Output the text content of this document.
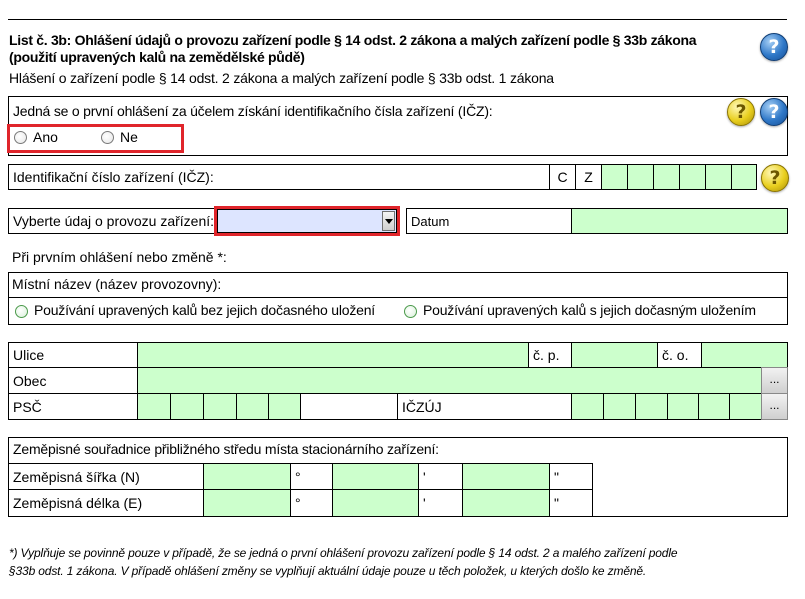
List č. 3b: Ohlášení údajů o provozu zařízení podle § 14 odst. 2 zákona a malých zařízení podle § 33b zákona
(použití upravených kalů na zemědělské půdě)
Hlášení o zařízení podle § 14 odst. 2 zákona a malých zařízení podle § 33b odst. 1 zákona
?
Jedná se o první ohlášení za účelem získání identifikačního čísla zařízení (IČZ):	?	?
Ano	Ne
Identifikační číslo zařízení (IČZ):	C Z	?
Vyberte údaj o provozu zařízení:	Datum
Při prvním ohlášení nebo změně *:
Místní název (název provozovny):
Používání upravených kalů bez jejich dočasného uložení	Používání upravených kalů s jejich dočasným uložením
Ulice	č. p.	č. o.
Obec	...
PSČ	IČZÚJ	...
Zeměpisné souřadnice přibližného středu místa stacionárního zařízení:
Zeměpisná šířka (N)	°	'	"
Zeměpisná délka (E)	°	'	"
*) Vyplňuje se povinně pouze v případě, že se jedná o první ohlášení provozu zařízení podle § 14 odst. 2 a malého zařízení podle
§33b odst. 1 zákona. V případě ohlášení změny se vyplňují aktuální údaje pouze u těch položek, u kterých došlo ke změně.
